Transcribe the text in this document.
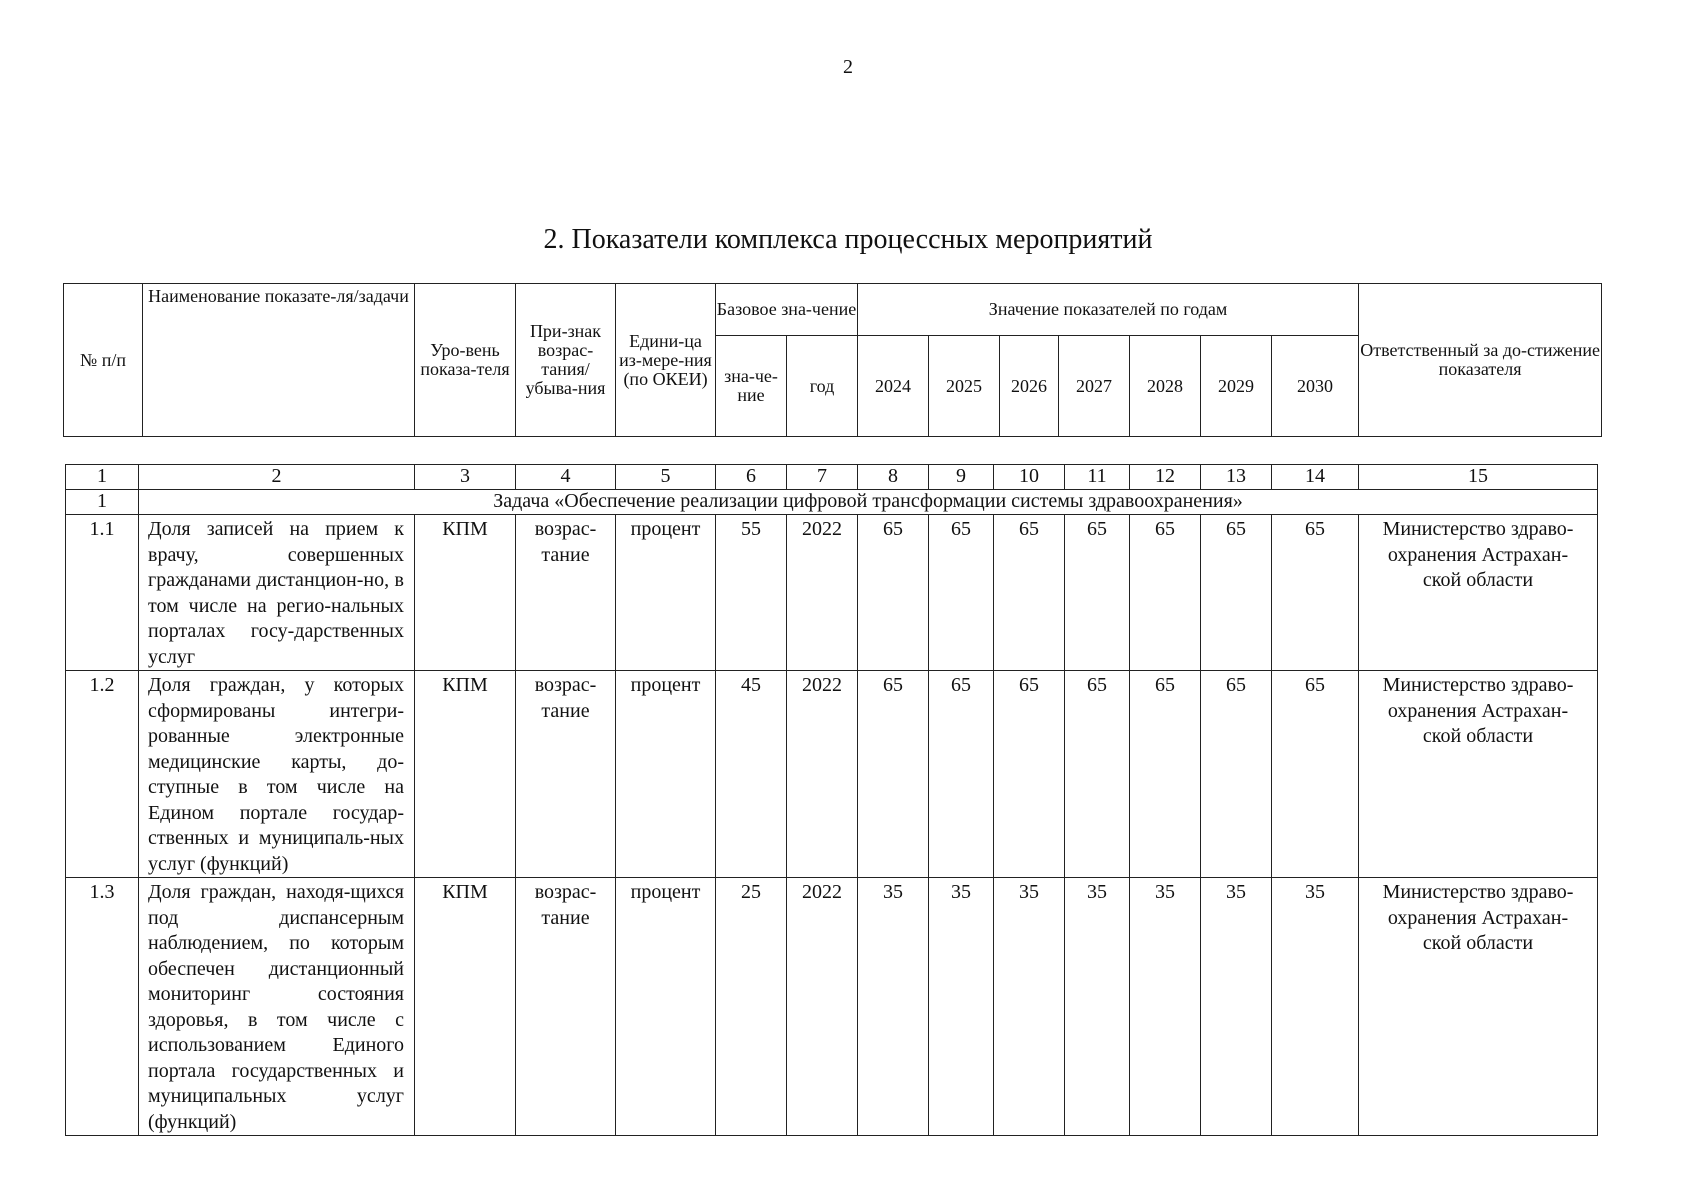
2
2. Показатели комплекса процессных мероприятий
№ п/п	Наименование показате-ля/задачи	Уро-вень показа-теля	При-знак возрас-тания/ убыва-ния	Едини-ца из-мере-ния (по ОКЕИ)	Базовое зна-чение		Значение показателей по годам							Ответственный за до-стижение показателя
					зна-че-ние	год	2024	2025	2026	2027	2028	2029	2030	
1	2	3	4	5	6	7	8	9	10	11	12	13	14	15
1	Задача «Обеспечение реализации цифровой трансформации системы здравоохранения»													
1.1	Доля записей на прием к врачу, совершенных гражданами дистанцион-но, в том числе на регио-нальных порталах госу-дарственных услуг	КПМ	возрас-тание	процент	55	2022	65	65	65	65	65	65	65	Министерство здраво-охранения Астрахан-ской области
1.2	Доля граждан, у которых сформированы интегри-рованные электронные медицинские карты, до-ступные в том числе на Едином портале государ-ственных и муниципаль-ных услуг (функций)	КПМ	возрас-тание	процент	45	2022	65	65	65	65	65	65	65	Министерство здраво-охранения Астрахан-ской области
1.3	Доля граждан, находя-щихся под диспансерным наблюдением, по которым обеспечен дистанционный мониторинг состояния здоровья, в том числе с использованием Единого портала государственных и муниципальных услуг (функций)	КПМ	возрас-тание	процент	25	2022	35	35	35	35	35	35	35	Министерство здраво-охранения Астрахан-ской области
